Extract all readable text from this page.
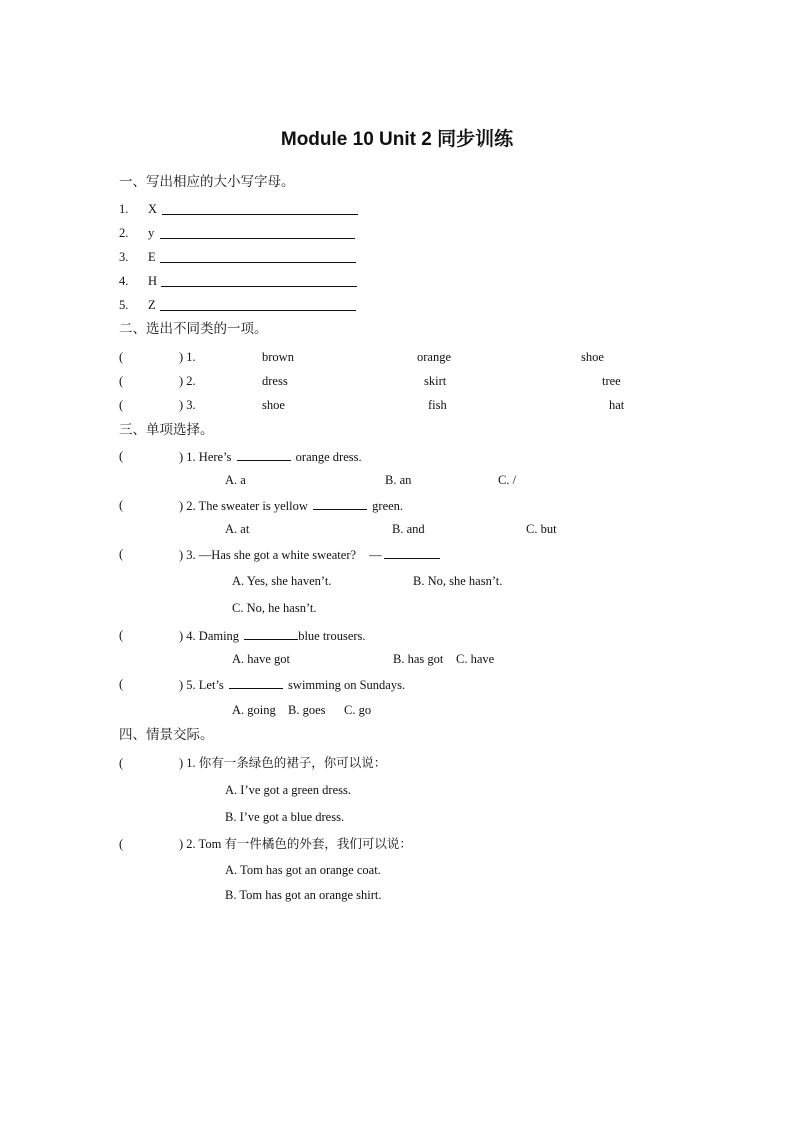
Module 10 Unit 2 同步训练
一、写出相应的大小写字母。
1. X
2. y
3. E
4. H
5. Z
二、选出不同类的一项。
(	) 1.	brown	orange	shoe
(	) 2.	dress	skirt	tree
(	) 3.	shoe	fish	hat
三、单项选择。
(	) 1. Here’s	orange dress.
A. a	B. an	C. /
(	) 2. The sweater is yellow	green.
A. at	B. and	C. but
(	) 3. —Has she got a white sweater? —
A. Yes, she haven’t.	B. No, she hasn’t.
C. No, he hasn’t.
(	) 4. Daming	blue trousers.
A. have got	B. has got C. have
(	) 5. Let’s	swimming on Sundays.
A. going B. goes C. go
四、情景交际。
(	) 1. 你有一条绿色的裙子，你可以说：
A. I’ve got a green dress.
B. I’ve got a blue dress.
(	) 2. Tom 有一件橘色的外套，我们可以说：
A. Tom has got an orange coat.
B. Tom has got an orange shirt.
